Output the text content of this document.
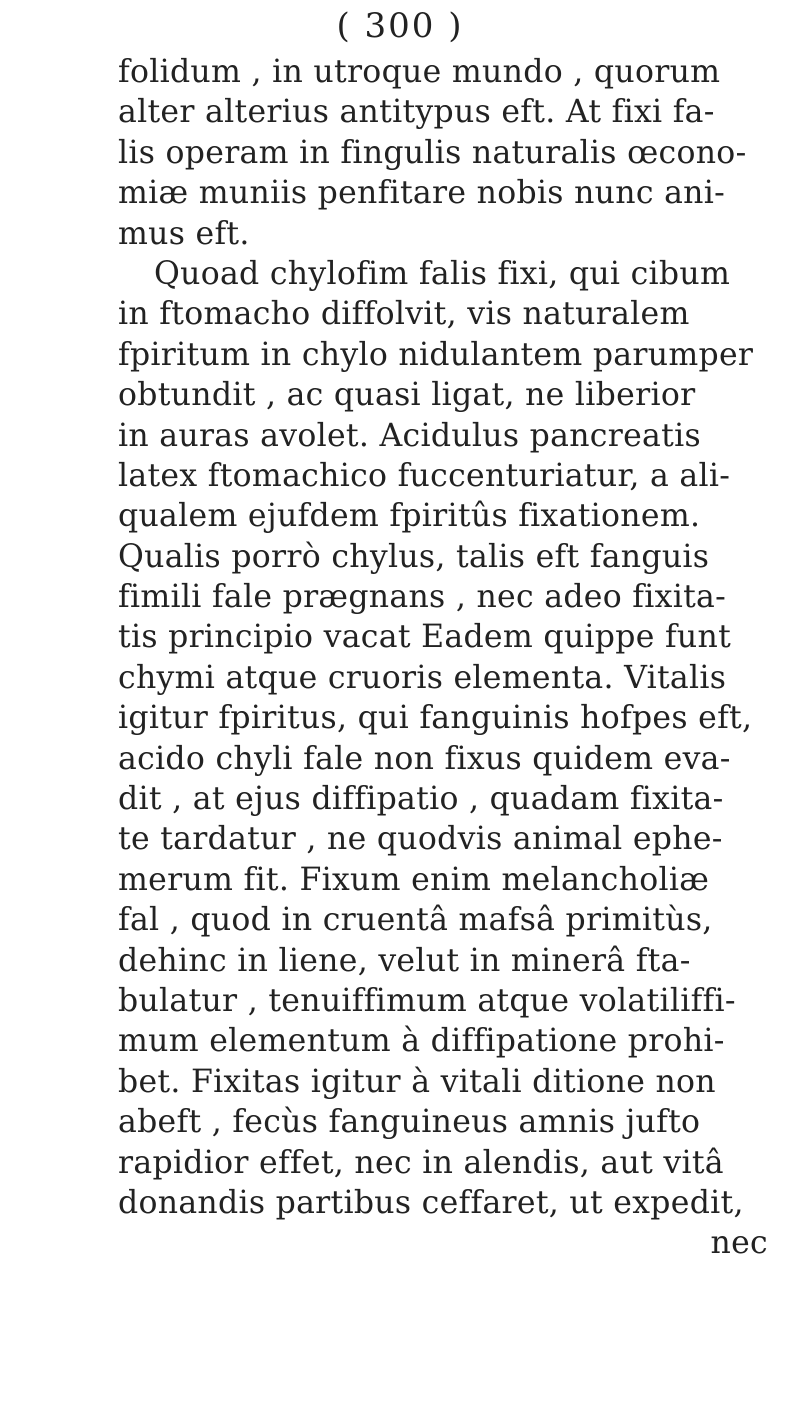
( 300 )
folidum , in utroque mundo , quorum
alter alterius antitypus eft. At fixi fa-
lis operam in fingulis naturalis œcono-
miæ muniis penfitare nobis nunc ani-
mus eft.
Quoad chylofim falis fixi, qui cibum
in ftomacho diffolvit, vis naturalem
fpiritum in chylo nidulantem parumper
obtundit , ac quasi ligat, ne liberior
in auras avolet. Acidulus pancreatis
latex ftomachico fuccenturiatur, a ali-
qualem ejufdem fpiritûs fixationem.
Qualis porrò chylus, talis eft fanguis
fimili fale prægnans , nec adeo fixita-
tis principio vacat Eadem quippe funt
chymi atque cruoris elementa. Vitalis
igitur fpiritus, qui fanguinis hofpes eft,
acido chyli fale non fixus quidem eva-
dit , at ejus diffipatio , quadam fixita-
te tardatur , ne quodvis animal ephe-
merum fit. Fixum enim melancholiæ
fal , quod in cruentâ mafsâ primitùs,
dehinc in liene, velut in minerâ fta-
bulatur , tenuiffimum atque volatiliffi-
mum elementum à diffipatione prohi-
bet. Fixitas igitur à vitali ditione non
abeft , fecùs fanguineus amnis jufto
rapidior effet, nec in alendis, aut vitâ
donandis partibus ceffaret, ut expedit,
nec
